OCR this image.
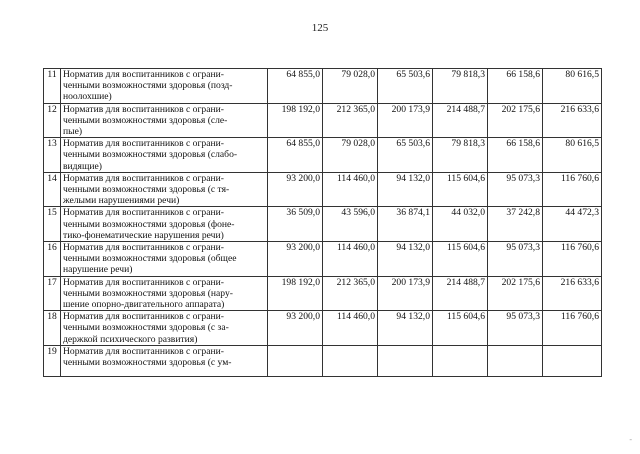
125
11	Норматив для воспитанников с ограни-
ченными возможностями здоровья (позд-
ноолохшие)	64 855,0	79 028,0	65 503,6	79 818,3	66 158,6	80 616,5
12	Норматив для воспитанников с ограни-
ченными возможностями здоровья (сле-
пые)	198 192,0	212 365,0	200 173,9	214 488,7	202 175,6	216 633,6
13	Норматив для воспитанников с ограни-
ченными возможностями здоровья (слабо-
видящие)	64 855,0	79 028,0	65 503,6	79 818,3	66 158,6	80 616,5
14	Норматив для воспитанников с ограни-
ченными возможностями здоровья (с тя-
желыми нарушениями речи)	93 200,0	114 460,0	94 132,0	115 604,6	95 073,3	116 760,6
15	Норматив для воспитанников с ограни-
ченными возможностями здоровья (фоне-
тико-фонематические нарушения речи)	36 509,0	43 596,0	36 874,1	44 032,0	37 242,8	44 472,3
16	Норматив для воспитанников с ограни-
ченными возможностями здоровья (общее
нарушение речи)	93 200,0	114 460,0	94 132,0	115 604,6	95 073,3	116 760,6
17	Норматив для воспитанников с ограни-
ченными возможностями здоровья (нару-
шение опорно-двигательного аппарата)	198 192,0	212 365,0	200 173,9	214 488,7	202 175,6	216 633,6
18	Норматив для воспитанников с ограни-
ченными возможностями здоровья (с за-
держкой психического развития)	93 200,0	114 460,0	94 132,0	115 604,6	95 073,3	116 760,6
19	Норматив для воспитанников с ограни-
ченными возможностями здоровья (с ум-						

-
